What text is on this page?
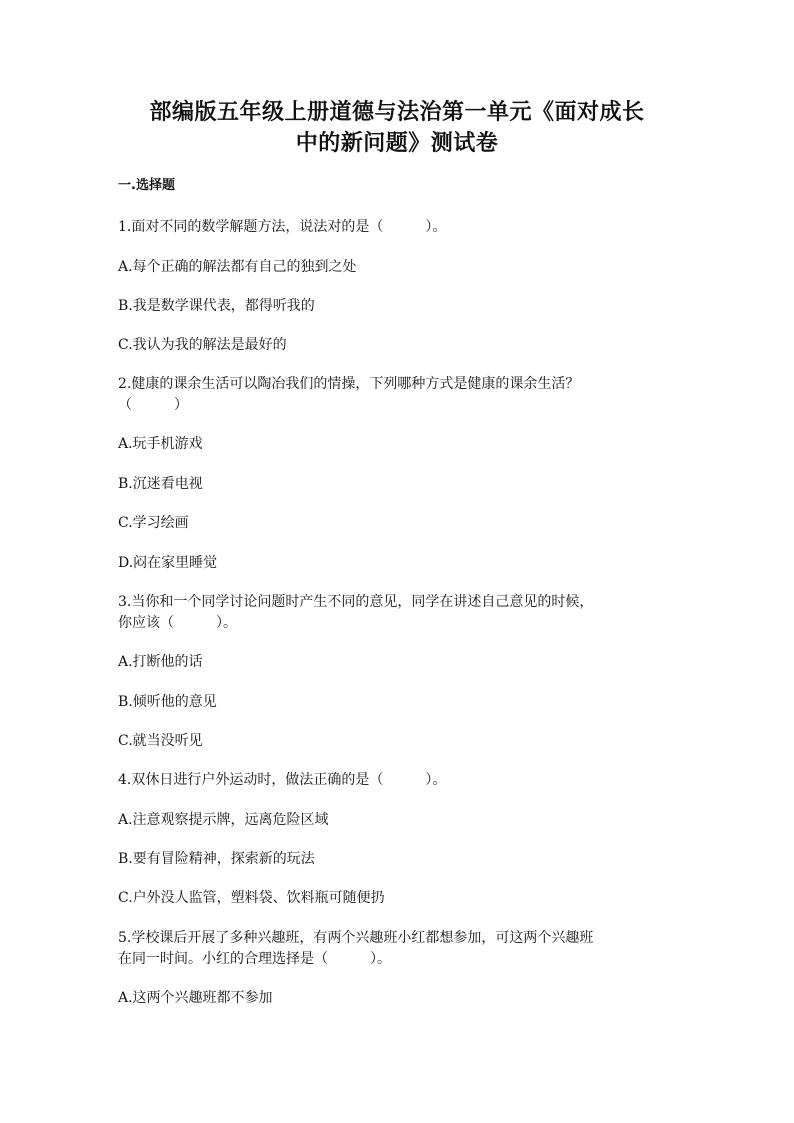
部编版五年级上册道德与法治第一单元《面对成长
中的新问题》测试卷
一.选择题
1.面对不同的数学解题方法，说法对的是（　　　）。
A.每个正确的解法都有自己的独到之处
B.我是数学课代表，都得听我的
C.我认为我的解法是最好的
2.健康的课余生活可以陶冶我们的情操，下列哪种方式是健康的课余生活？
（　　　）
A.玩手机游戏
B.沉迷看电视
C.学习绘画
D.闷在家里睡觉
3.当你和一个同学讨论问题时产生不同的意见，同学在讲述自己意见的时候，
你应该（　　　）。
A.打断他的话
B.倾听他的意见
C.就当没听见
4.双休日进行户外运动时，做法正确的是（　　　）。
A.注意观察提示牌，远离危险区域
B.要有冒险精神，探索新的玩法
C.户外没人监管，塑料袋、饮料瓶可随便扔
5.学校课后开展了多种兴趣班，有两个兴趣班小红都想参加，可这两个兴趣班
在同一时间。小红的合理选择是（　　　）。
A.这两个兴趣班都不参加
